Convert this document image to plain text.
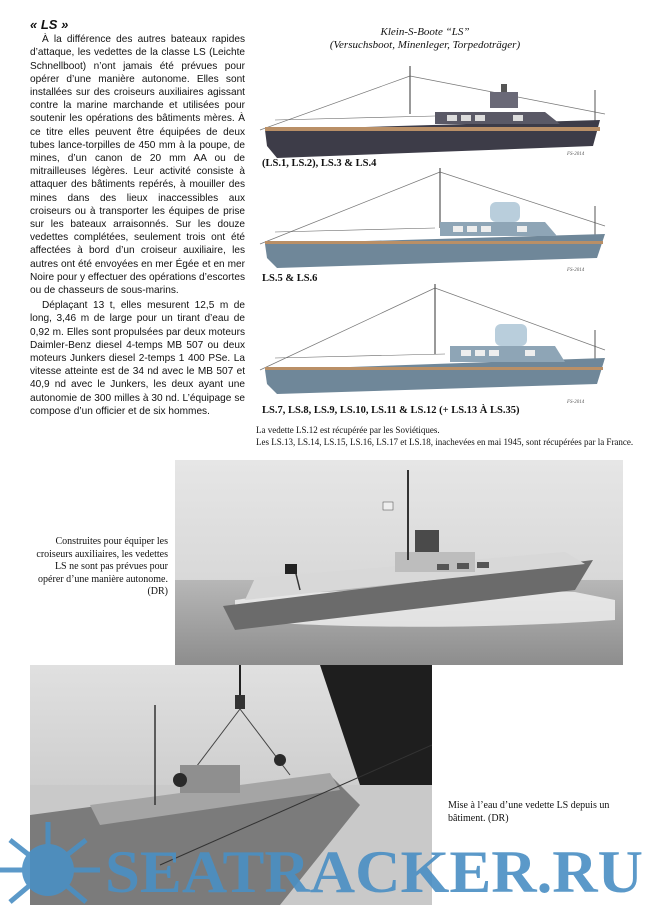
« LS »

À la différence des autres bateaux rapides d’attaque, les vedettes de la classe LS (Leichte Schnellboot) n’ont jamais été prévues pour opérer d’une manière autonome. Elles sont installées sur des croiseurs auxiliaires agissant contre la marine marchande et utilisées pour soutenir les opérations des bâtiments mères. À ce titre elles peuvent être équipées de deux tubes lance-torpilles de 450 mm à la poupe, de mines, d’un canon de 20 mm AA ou de mitrailleuses légères. Leur activité consiste à attaquer des bâtiments repérés, à mouiller des mines dans des lieux inaccessibles aux croiseurs ou à transporter les équipes de prise sur les bateaux arraisonnés. Sur les douze vedettes complétées, seulement trois ont été affectées à bord d’un croiseur auxiliaire, les autres ont été envoyées en mer Égée et en mer Noire pour y effectuer des opérations d’escortes ou de chasseurs de sous-marins.

Déplaçant 13 t, elles mesurent 12,5 m de long, 3,46 m de large pour un tirant d’eau de 0,92 m. Elles sont propulsées par deux moteurs Daimler-Benz diesel 4-temps MB 507 ou deux moteurs Junkers diesel 2-temps 1 400 PSe. La vitesse atteinte est de 34 nd avec le MB 507 et 40,9 nd avec le Junkers, les deux ayant une autonomie de 300 milles à 30 nd. L’équipage se compose d’un officier et de six hommes.

Klein-S-Boote “LS”
(Versuchsboot, Minenleger, Torpedoträger)
(LS.1, LS.2), LS.3 & LS.4
FS-2014
LS.5 & LS.6
FS-2014
LS.7, LS.8, LS.9, LS.10, LS.11 & LS.12 (+ LS.13 À LS.35)
FS-2014
La vedette LS.12 est récupérée par les Soviétiques.
Les LS.13, LS.14, LS.15, LS.16, LS.17 et LS.18, inachevées en mai 1945, sont récupérées par la France.
Construites pour équiper les croiseurs auxiliaires, les vedettes LS ne sont pas prévues pour opérer d’une manière autonome. (DR)
Mise à l’eau d’une vedette LS depuis un bâtiment. (DR)
SEATRACKER.RU
